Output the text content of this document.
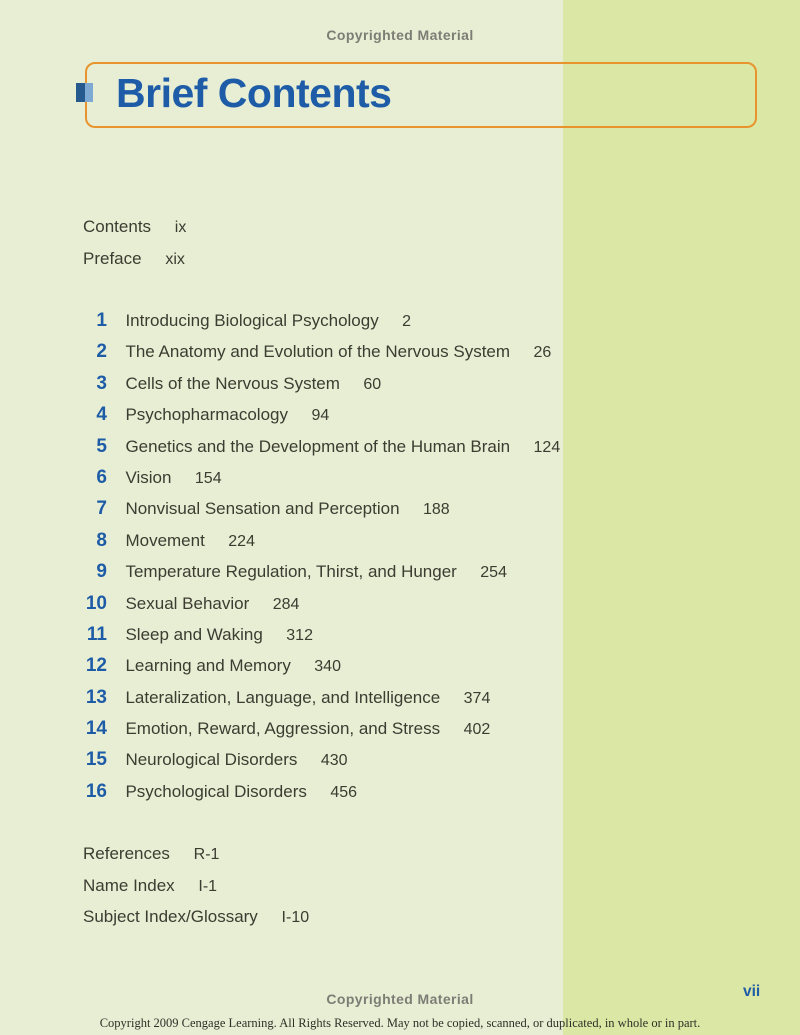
Copyrighted Material
Brief Contents
Contents ix
Preface xix
1 Introducing Biological Psychology 2
2 The Anatomy and Evolution of the Nervous System 26
3 Cells of the Nervous System 60
4 Psychopharmacology 94
5 Genetics and the Development of the Human Brain 124
6 Vision 154
7 Nonvisual Sensation and Perception 188
8 Movement 224
9 Temperature Regulation, Thirst, and Hunger 254
10 Sexual Behavior 284
11 Sleep and Waking 312
12 Learning and Memory 340
13 Lateralization, Language, and Intelligence 374
14 Emotion, Reward, Aggression, and Stress 402
15 Neurological Disorders 430
16 Psychological Disorders 456
References R-1
Name Index I-1
Subject Index/Glossary I-10
Copyrighted Material	vii
Copyright 2009 Cengage Learning. All Rights Reserved. May not be copied, scanned, or duplicated, in whole or in part.
